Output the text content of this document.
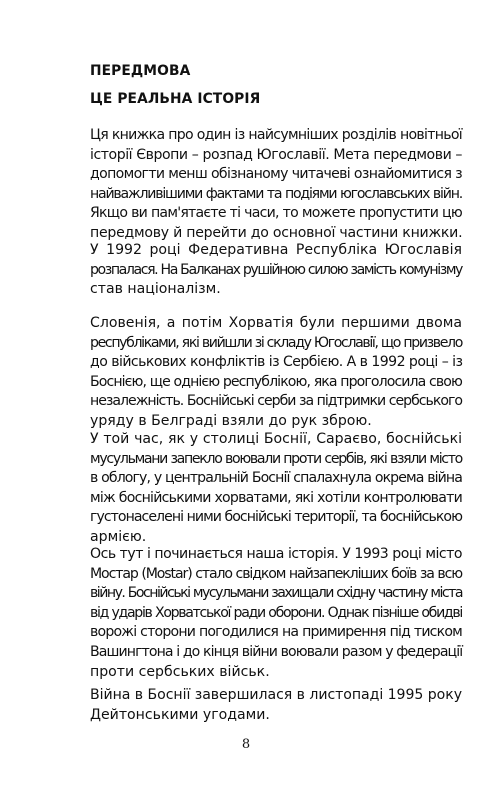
ПЕРЕДМОВА
ЦЕ РЕАЛЬНА ІСТОРІЯ
Ця книжка про один із найсумніших розділів новітньої
історії Європи – розпад Югославії. Мета передмови –
допомогти менш обізнаному читачеві ознайомитися з
найважливішими фактами та подіями югославських війн.
Якщо ви пам'ятаєте ті часи, то можете пропустити цю
передмову й перейти до основної частини книжки.
У 1992 році Федеративна Республіка Югославія
розпалася. На Балканах рушійною силою замість комунізму
став націоналізм.
Словенія, а потім Хорватія були першими двома
республіками, які вийшли зі складу Югославії, що призвело
до військових конфліктів із Сербією. А в 1992 році – із
Боснією, ще однією республікою, яка проголосила свою
незалежність. Боснійські серби за підтримки сербського
уряду в Белграді взяли до рук зброю.
У той час, як у столиці Боснії, Сараєво, боснійські
мусульмани запекло воювали проти сербів, які взяли місто
в облогу, у центральній Боснії спалахнула окрема війна
між боснійськими хорватами, які хотіли контролювати
густонаселені ними боснійські території, та боснійською
армією.
Ось тут і починається наша історія. У 1993 році місто
Мостар (Mostar) стало свідком найзапекліших боїв за всю
війну. Боснійські мусульмани захищали східну частину міста
від ударів Хорватської ради оборони. Однак пізніше обидві
ворожі сторони погодилися на примирення під тиском
Вашингтона і до кінця війни воювали разом у федерації
проти сербських військ.
Війна в Боснії завершилася в листопаді 1995 року
Дейтонськими угодами.
8
